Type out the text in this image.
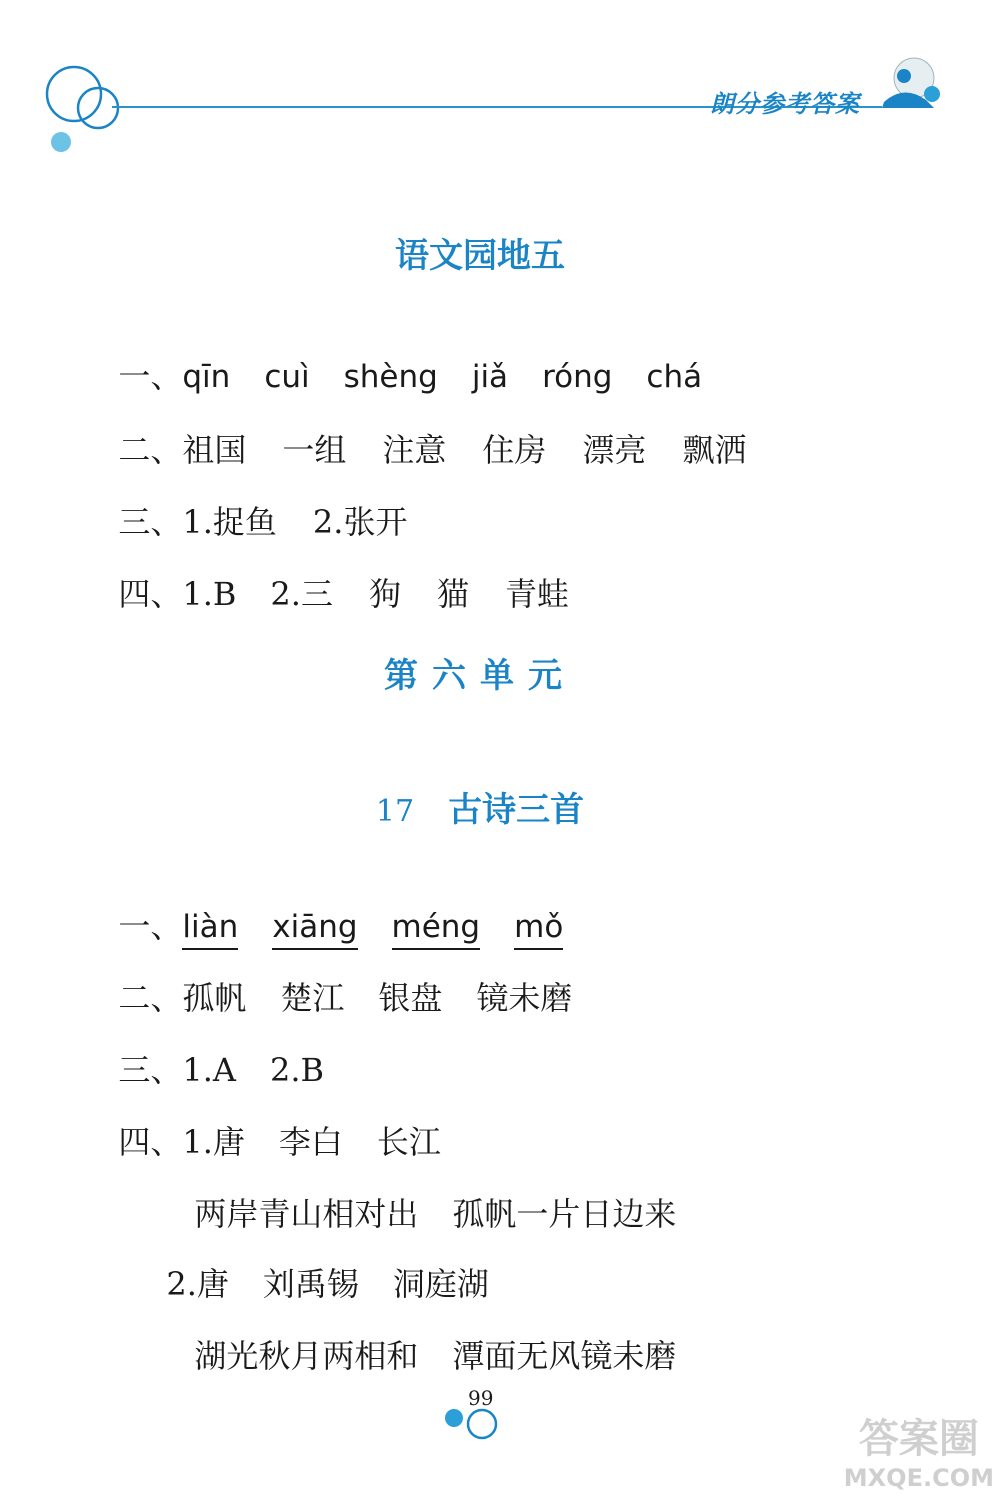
朗分参考答案
语文园地五

一、qīn cuì shèng jiǎ róng chá

二、祖国 一组 注意 住房 漂亮 飘洒

三、1.捉鱼 2.张开

四、1.B 2.三 狗 猫 青蛙

第六单元
17 古诗三首

一、liàn xiāng méng mǒ

二、孤帆 楚江 银盘 镜未磨

三、1.A 2.B

四、1.唐 李白 长江

两岸青山相对出 孤帆一片日边来

2.唐 刘禹锡 洞庭湖

湖光秋月两相和 潭面无风镜未磨

99
答案圈
MXQE.COM
